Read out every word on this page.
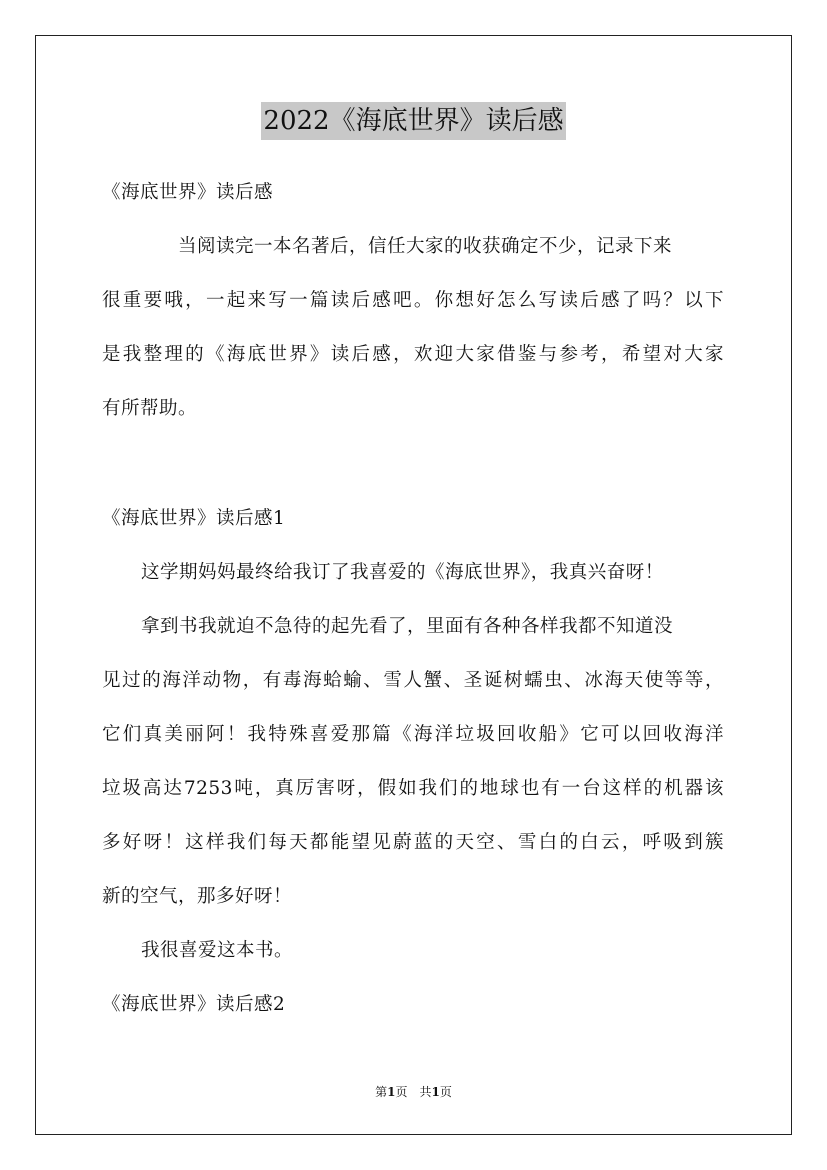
2022《海底世界》读后感
《海底世界》读后感
当阅读完一本名著后，信任大家的收获确定不少，记录下来
很重要哦，一起来写一篇读后感吧。你想好怎么写读后感了吗？以下
是我整理的《海底世界》读后感，欢迎大家借鉴与参考，希望对大家
有所帮助。
《海底世界》读后感1
这学期妈妈最终给我订了我喜爱的《海底世界》，我真兴奋呀！
拿到书我就迫不急待的起先看了，里面有各种各样我都不知道没
见过的海洋动物，有毒海蛤蝓、雪人蟹、圣诞树蠕虫、冰海天使等等，
它们真美丽阿！我特殊喜爱那篇《海洋垃圾回收船》它可以回收海洋
垃圾高达7253吨，真厉害呀，假如我们的地球也有一台这样的机器该
多好呀！这样我们每天都能望见蔚蓝的天空、雪白的白云，呼吸到簇
新的空气，那多好呀！
我很喜爱这本书。
《海底世界》读后感2
第1页　共1页
